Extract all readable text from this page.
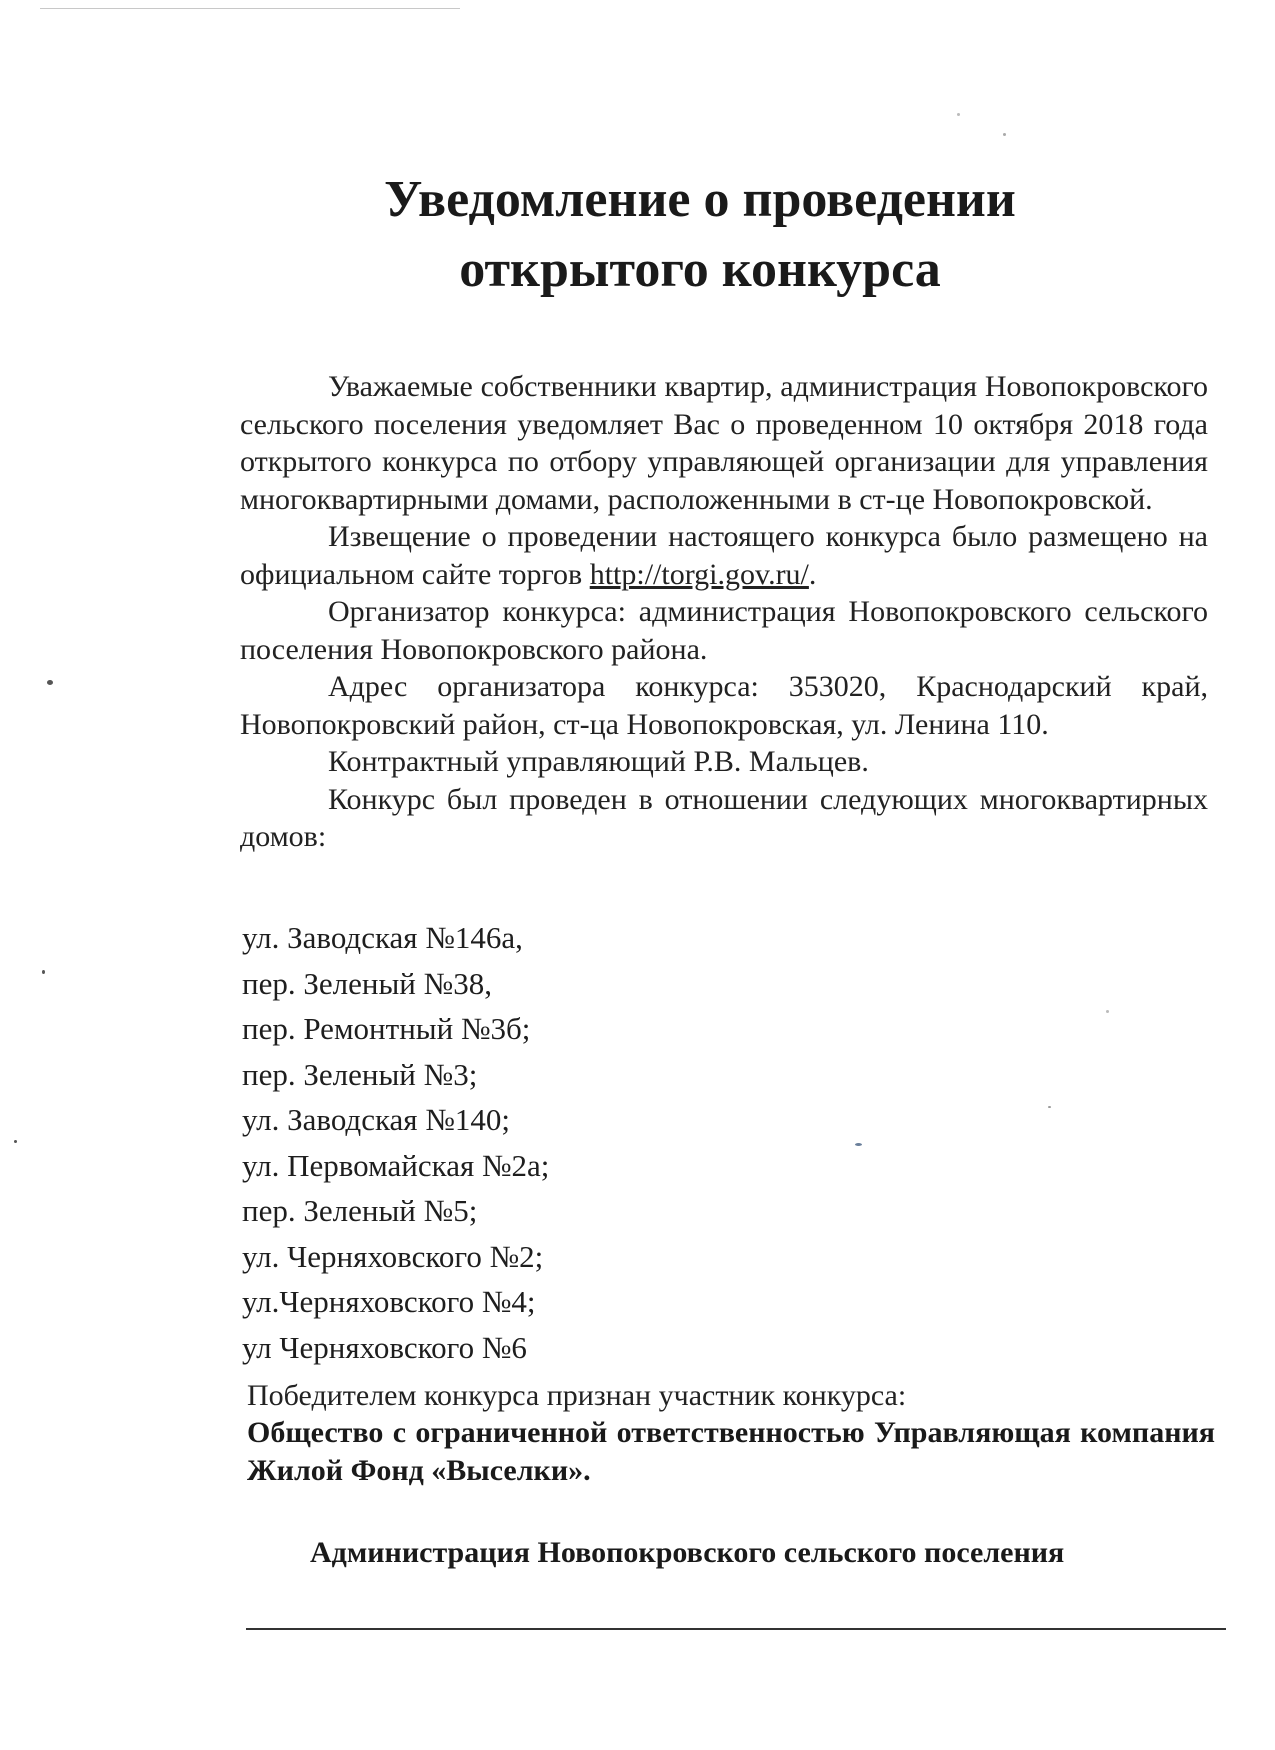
Уведомление о проведении
открытого конкурса

Уважаемые собственники квартир, администрация Новопокровского сельского поселения уведомляет Вас о проведенном 10 октября 2018 года открытого конкурса по отбору управляющей организации для управления многоквартирными домами, расположенными в ст-це Новопокровской.

Извещение о проведении настоящего конкурса было размещено на официальном сайте торгов http://torgi.gov.ru/.

Организатор конкурса: администрация Новопокровского сельского поселения Новопокровского района.

Адрес организатора конкурса: 353020, Краснодарский край, Новопокровский район, ст-ца Новопокровская, ул. Ленина 110.

Контрактный управляющий Р.В. Мальцев.

Конкурс был проведен в отношении следующих многоквартирных домов:

ул. Заводская №146а,
пер. Зеленый №38,
пер. Ремонтный №3б;
пер. Зеленый №3;
ул. Заводская №140;
ул. Первомайская №2а;
пер. Зеленый №5;
ул. Черняховского №2;
ул.Черняховского №4;
ул Черняховского №6
Победителем конкурса признан участник конкурса:
Общество с ограниченной ответственностью Управляющая компания Жилой Фонд «Выселки».
Администрация Новопокровского сельского поселения
